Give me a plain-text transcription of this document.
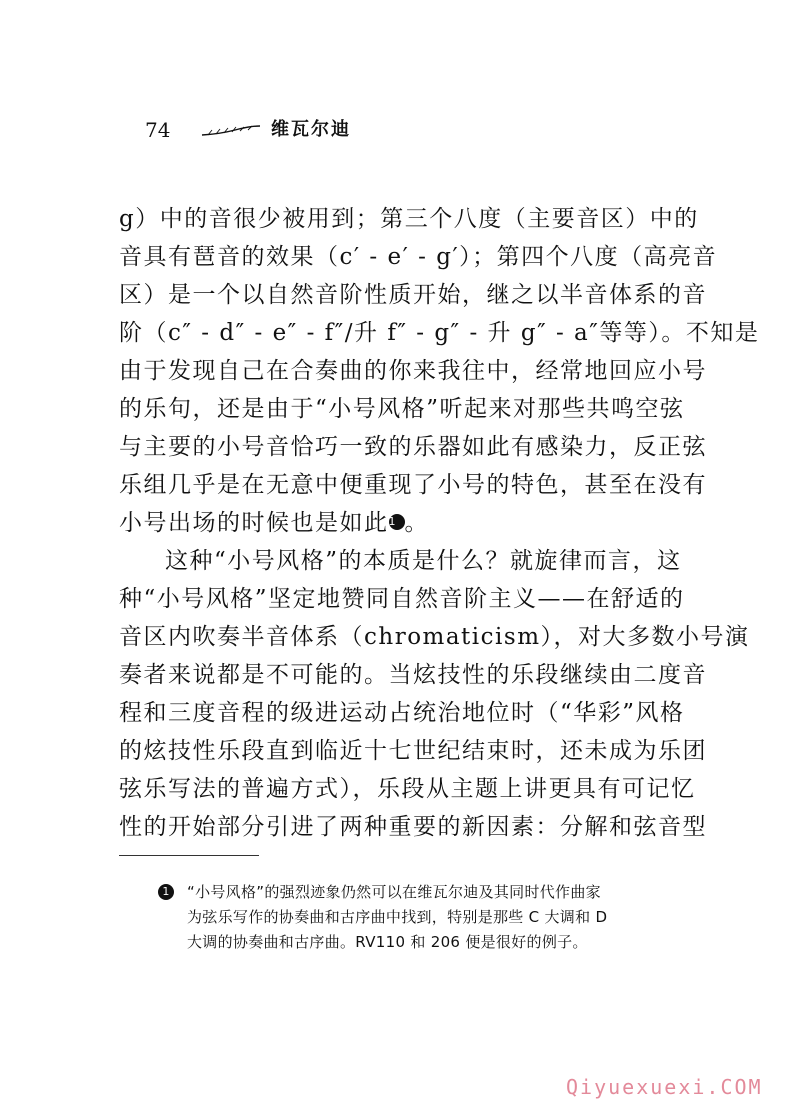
74	维瓦尔迪
g）中的音很少被用到；第三个八度（主要音区）中的
音具有琶音的效果（c′ - e′ - g′）；第四个八度（高亮音
区）是一个以自然音阶性质开始，继之以半音体系的音
阶（c″ - d″ - e″ - f″/升 f″ - g″ - 升 g″ - a″等等）。不知是
由于发现自己在合奏曲的你来我往中，经常地回应小号
的乐句，还是由于“小号风格”听起来对那些共鸣空弦
与主要的小号音恰巧一致的乐器如此有感染力，反正弦
乐组几乎是在无意中便重现了小号的特色，甚至在没有
小号出场的时候也是如此1 。
这种“小号风格”的本质是什么？就旋律而言，这
种“小号风格”坚定地赞同自然音阶主义——在舒适的
音区内吹奏半音体系（chromaticism），对大多数小号演
奏者来说都是不可能的。当炫技性的乐段继续由二度音
程和三度音程的级进运动占统治地位时（“华彩”风格
的炫技性乐段直到临近十七世纪结束时，还未成为乐团
弦乐写法的普遍方式），乐段从主题上讲更具有可记忆
性的开始部分引进了两种重要的新因素：分解和弦音型
1 “小号风格”的强烈迹象仍然可以在维瓦尔迪及其同时代作曲家
为弦乐写作的协奏曲和古序曲中找到，特别是那些 C 大调和 D
大调的协奏曲和古序曲。RV110 和 206 便是很好的例子。
Qiyuexuexi.COM
